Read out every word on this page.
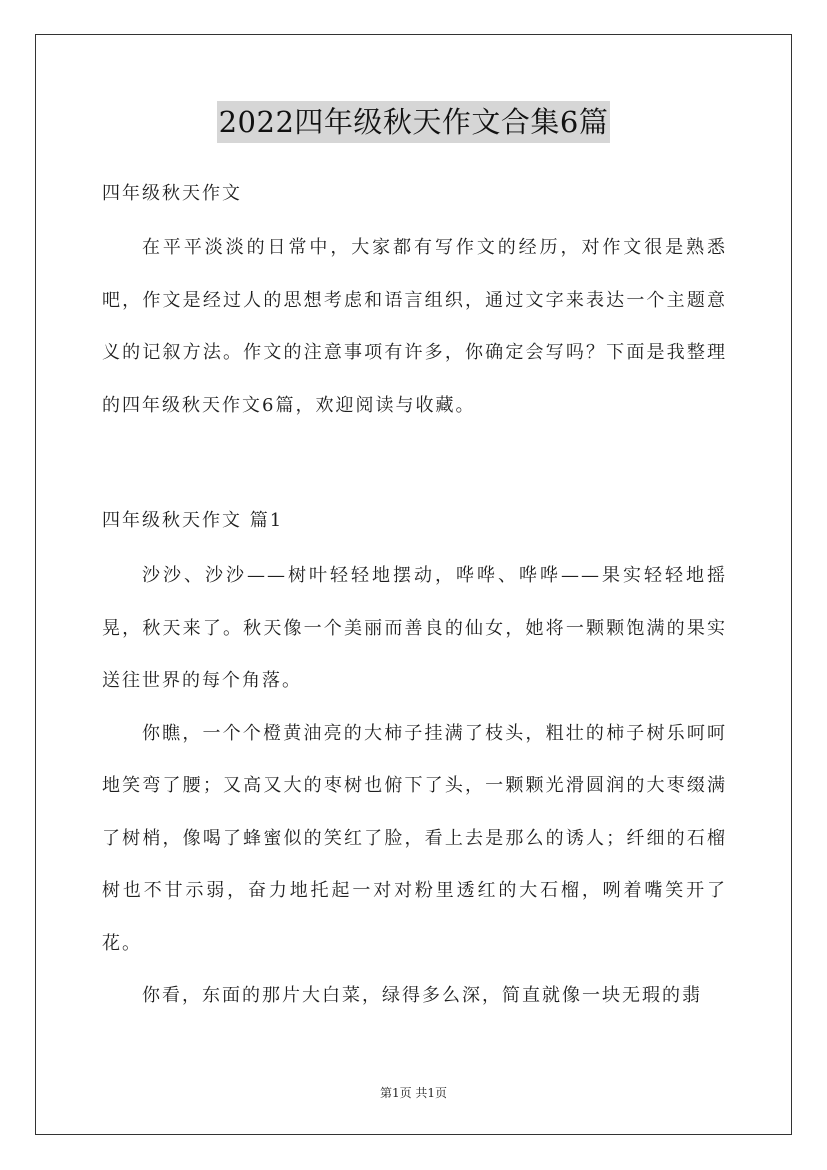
2022四年级秋天作文合集6篇
四年级秋天作文

在平平淡淡的日常中，大家都有写作文的经历，对作文很是熟悉吧，作文是经过人的思想考虑和语言组织，通过文字来表达一个主题意义的记叙方法。作文的注意事项有许多，你确定会写吗？下面是我整理的四年级秋天作文6篇，欢迎阅读与收藏。

四年级秋天作文 篇1

沙沙、沙沙——树叶轻轻地摆动，哗哗、哗哗——果实轻轻地摇晃，秋天来了。秋天像一个美丽而善良的仙女，她将一颗颗饱满的果实送往世界的每个角落。

你瞧，一个个橙黄油亮的大柿子挂满了枝头，粗壮的柿子树乐呵呵地笑弯了腰；又高又大的枣树也俯下了头，一颗颗光滑圆润的大枣缀满了树梢，像喝了蜂蜜似的笑红了脸，看上去是那么的诱人；纤细的石榴树也不甘示弱，奋力地托起一对对粉里透红的大石榴，咧着嘴笑开了花。

你看，东面的那片大白菜，绿得多么深，简直就像一块无瑕的翡

第1页 共1页
